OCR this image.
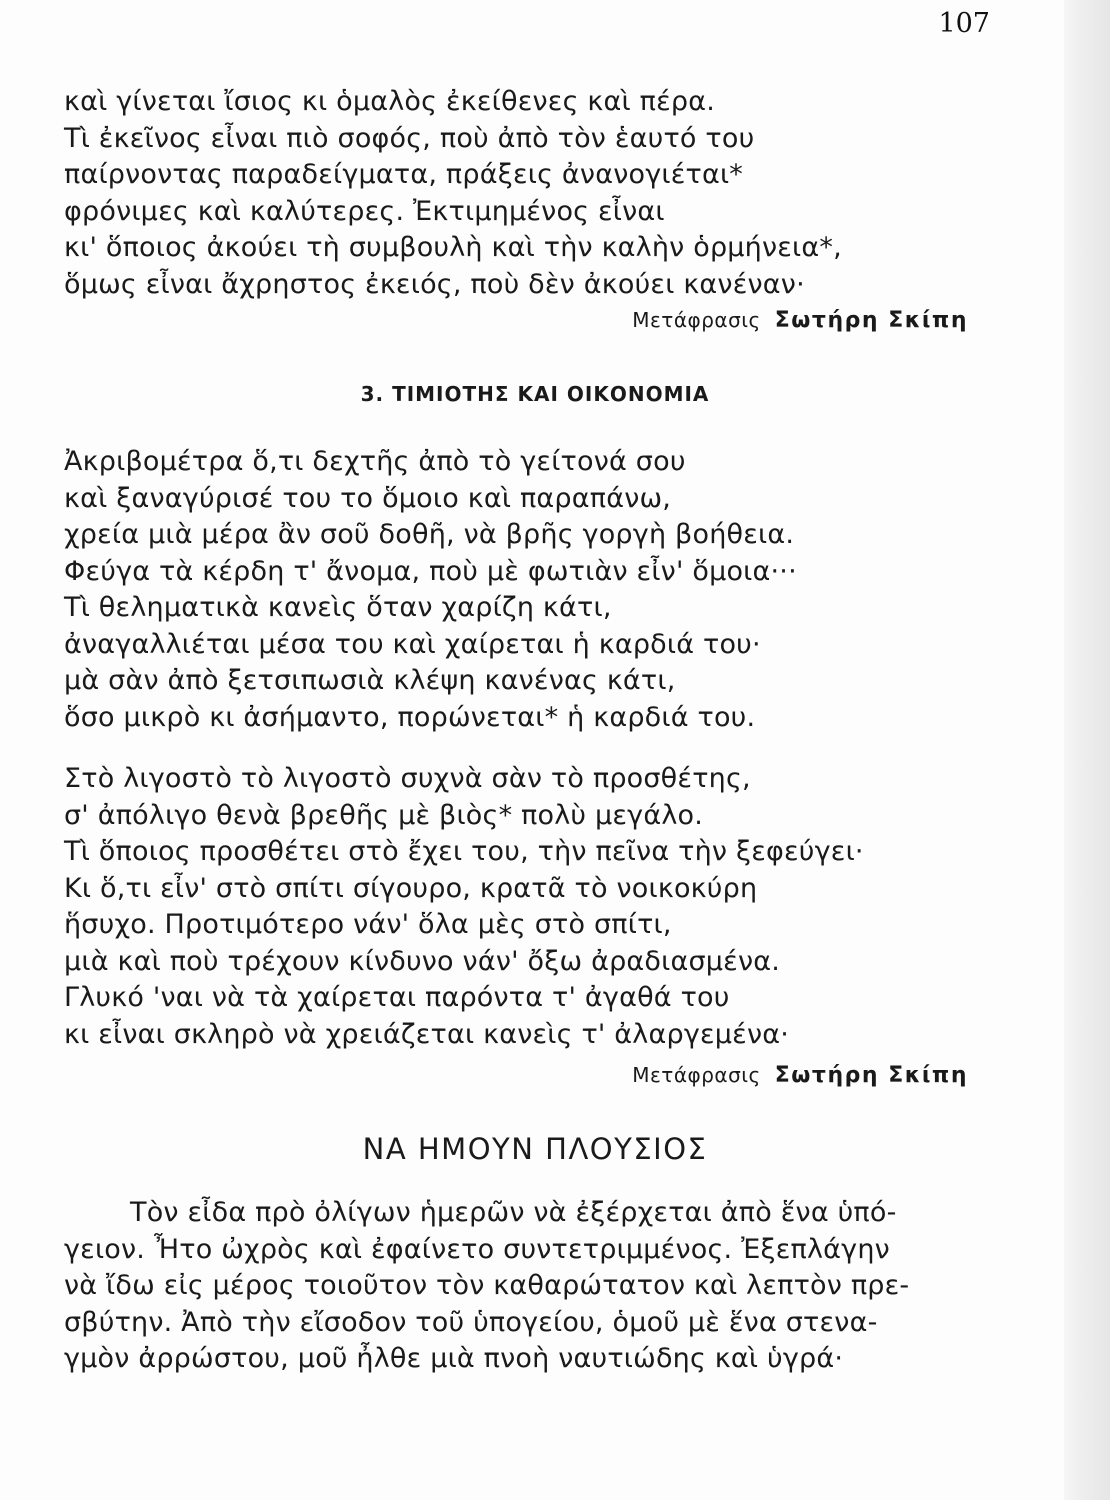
107
καὶ γίνεται ἴσιος κι ὁμαλὸς ἐκείθενες καὶ πέρα.
Τὶ ἐκεῖνος εἶναι πιὸ σοφός, ποὺ ἀπὸ τὸν ἑαυτό του
παίρνοντας παραδείγματα, πράξεις ἀνανογιέται*
φρόνιμες καὶ καλύτερες. Ἐκτιμημένος εἶναι
κι' ὅποιος ἀκούει τὴ συμβουλὴ καὶ τὴν καλὴν ὁρμήνεια*,
ὅμως εἶναι ἄχρηστος ἐκειός, ποὺ δὲν ἀκούει κανέναν·
Μετάφρασις Σωτήρη Σκίπη
3. ΤΙΜΙΟΤΗΣ ΚΑΙ ΟΙΚΟΝΟΜΙΑ
Ἀκριβομέτρα ὅ,τι δεχτῆς ἀπὸ τὸ γείτονά σου
καὶ ξαναγύρισέ του το ὅμοιο καὶ παραπάνω,
χρεία μιὰ μέρα ἂν σοῦ δοθῆ, νὰ βρῆς γοργὴ βοήθεια.
Φεύγα τὰ κέρδη τ' ἄνομα, ποὺ μὲ φωτιὰν εἶν' ὅμοια···
Τὶ θεληματικὰ κανεὶς ὅταν χαρίζη κάτι,
ἀναγαλλιέται μέσα του καὶ χαίρεται ἡ καρδιά του·
μὰ σὰν ἀπὸ ξετσιπωσιὰ κλέψη κανένας κάτι,
ὅσο μικρὸ κι ἀσήμαντο, πορώνεται* ἡ καρδιά του.
Στὸ λιγοστὸ τὸ λιγοστὸ συχνὰ σὰν τὸ προσθέτης,
σ' ἀπόλιγο θενὰ βρεθῆς μὲ βιὸς* πολὺ μεγάλο.
Τὶ ὅποιος προσθέτει στὸ ἔχει του, τὴν πεῖνα τὴν ξεφεύγει·
Κι ὅ,τι εἶν' στὸ σπίτι σίγουρο, κρατᾶ τὸ νοικοκύρη
ἥσυχο. Προτιμότερο νάν' ὅλα μὲς στὸ σπίτι,
μιὰ καὶ ποὺ τρέχουν κίνδυνο νάν' ὄξω ἀραδιασμένα.
Γλυκό 'ναι νὰ τὰ χαίρεται παρόντα τ' ἀγαθά του
κι εἶναι σκληρὸ νὰ χρειάζεται κανεὶς τ' ἀλαργεμένα·
Μετάφρασις Σωτήρη Σκίπη
ΝΑ ΗΜΟΥΝ ΠΛΟΥΣΙΟΣ
Τὸν εἶδα πρὸ ὀλίγων ἡμερῶν νὰ ἐξέρχεται ἀπὸ ἕνα ὑπό-
γειον. Ἦτο ὠχρὸς καὶ ἐφαίνετο συντετριμμένος. Ἐξεπλάγην
νὰ ἴδω εἰς μέρος τοιοῦτον τὸν καθαρώτατον καὶ λεπτὸν πρε-
σβύτην. Ἀπὸ τὴν εἴσοδον τοῦ ὑπογείου, ὁμοῦ μὲ ἕνα στενα-
γμὸν ἀρρώστου, μοῦ ἦλθε μιὰ πνοὴ ναυτιώδης καὶ ὑγρά·
